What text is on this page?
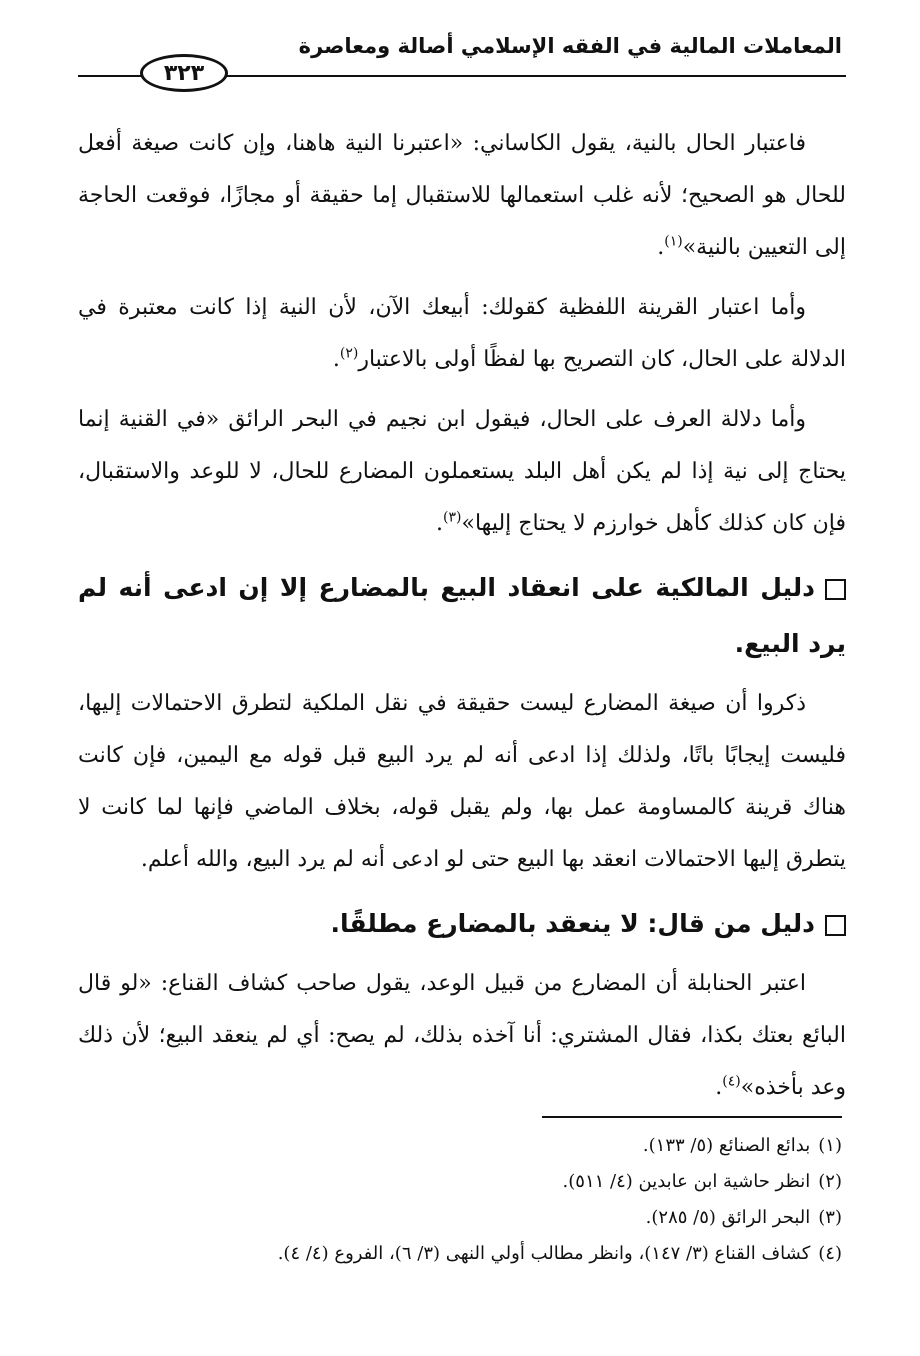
المعاملات المالية في الفقه الإسلامي أصالة ومعاصرة
٣٢٣

فاعتبار الحال بالنية، يقول الكاساني: «اعتبرنا النية هاهنا، وإن كانت صيغة أفعل للحال هو الصحيح؛ لأنه غلب استعمالها للاستقبال إما حقيقة أو مجازًا، فوقعت الحاجة إلى التعيين بالنية»$^{(١)}$.

وأما اعتبار القرينة اللفظية كقولك: أبيعك الآن، لأن النية إذا كانت معتبرة في الدلالة على الحال، كان التصريح بها لفظًا أولى بالاعتبار$^{(٢)}$.

وأما دلالة العرف على الحال، فيقول ابن نجيم في البحر الرائق «في القنية إنما يحتاج إلى نية إذا لم يكن أهل البلد يستعملون المضارع للحال، لا للوعد والاستقبال، فإن كان كذلك كأهل خوارزم لا يحتاج إليها»$^{(٣)}$.

دليل المالكية على انعقاد البيع بالمضارع إلا إن ادعى أنه لم يرد البيع.

ذكروا أن صيغة المضارع ليست حقيقة في نقل الملكية لتطرق الاحتمالات إليها، فليست إيجابًا باتًا، ولذلك إذا ادعى أنه لم يرد البيع قبل قوله مع اليمين، فإن كانت هناك قرينة كالمساومة عمل بها، ولم يقبل قوله، بخلاف الماضي فإنها لما كانت لا يتطرق إليها الاحتمالات انعقد بها البيع حتى لو ادعى أنه لم يرد البيع، والله أعلم.

دليل من قال: لا ينعقد بالمضارع مطلقًا.

اعتبر الحنابلة أن المضارع من قبيل الوعد، يقول صاحب كشاف القناع: «لو قال البائع بعتك بكذا، فقال المشتري: أنا آخذه بذلك، لم يصح: أي لم ينعقد البيع؛ لأن ذلك وعد بأخذه»$^{(٤)}$.

(١)بدائع الصنائع (٥/ ١٣٣).
(٢)انظر حاشية ابن عابدين (٤/ ٥١١).
(٣)البحر الرائق (٥/ ٢٨٥).
(٤)كشاف القناع (٣/ ١٤٧)، وانظر مطالب أولي النهى (٣/ ٦)، الفروع (٤/ ٤).
